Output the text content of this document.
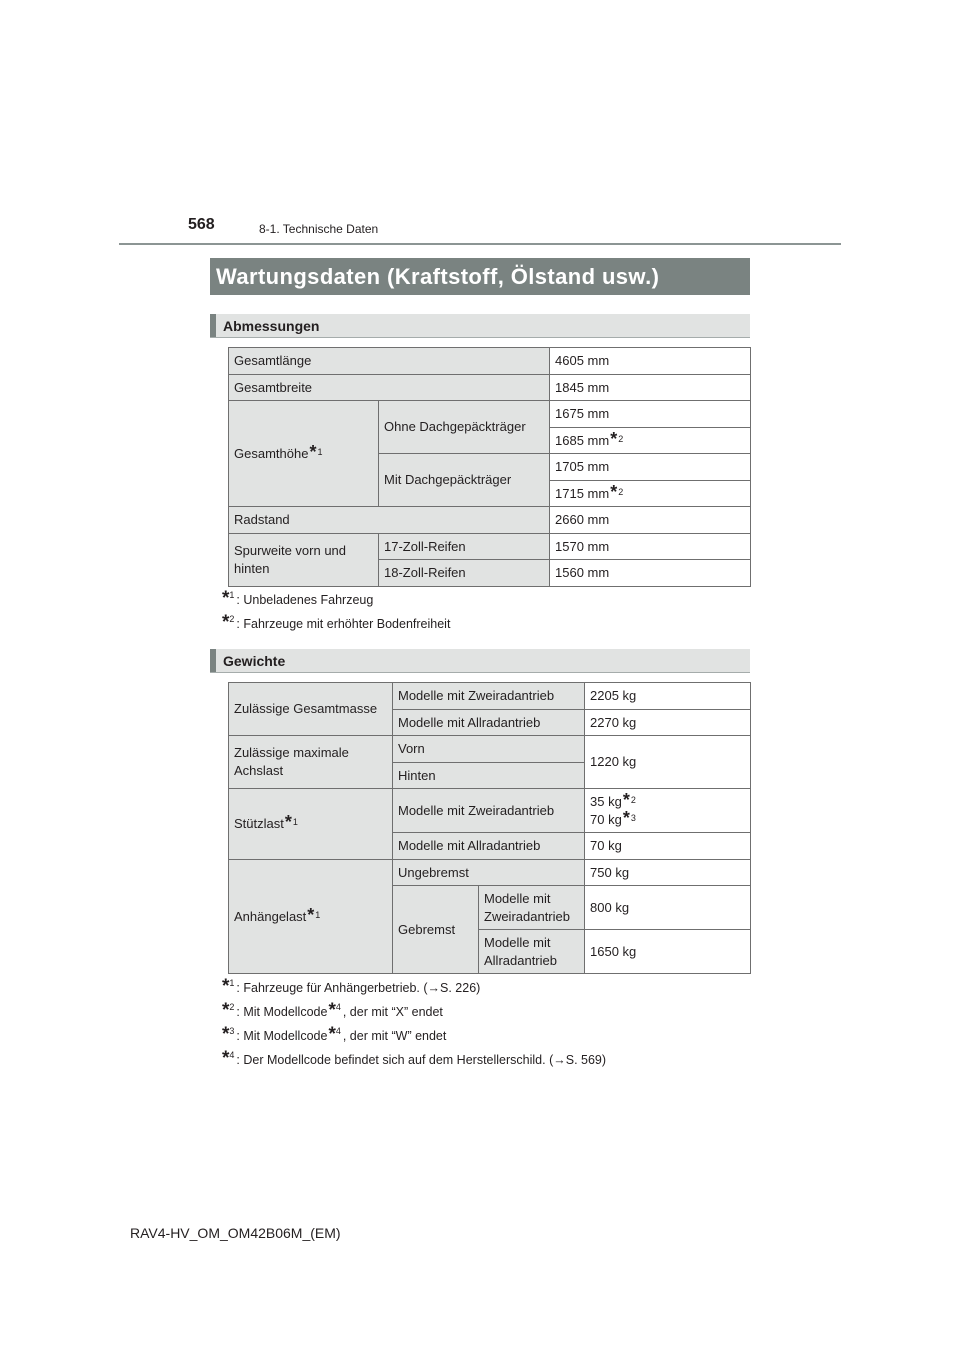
568	8-1. Technische Daten
Wartungsdaten (Kraftstoff, Ölstand usw.)
Abmessungen
Gesamtlänge		4605 mm
Gesamtbreite		1845 mm
Gesamthöhe*$^1$	Ohne Dachgepäckträger	1675 mm
		1685 mm*$^2$
	Mit Dachgepäckträger	1705 mm
		1715 mm*$^2$
Radstand		2660 mm
Spurweite vorn und hinten	17-Zoll-Reifen	1570 mm
	18-Zoll-Reifen	1560 mm
*$^1$ : Unbeladenes Fahrzeug
*$^2$ : Fahrzeuge mit erhöhter Bodenfreiheit
Gewichte
Zulässige Gesamtmasse	Modelle mit Zweiradantrieb		2205 kg
	Modelle mit Allradantrieb		2270 kg
Zulässige maximale Achslast	Vorn		1220 kg
	Hinten		
Stützlast*$^1$	Modelle mit Zweiradantrieb		35 kg*$^2$
70 kg*$^3$

	Modelle mit Allradantrieb		70 kg
Anhängelast*$^1$	Ungebremst		750 kg
	Gebremst	Modelle mit Zweiradantrieb	800 kg
		Modelle mit Allradantrieb	1650 kg
*$^1$ : Fahrzeuge für Anhängerbetrieb. (→S. 226)
*$^2$ : Mit Modellcode*$^4$ , der mit “X” endet
*$^3$ : Mit Modellcode*$^4$ , der mit “W” endet
*$^4$ : Der Modellcode befindet sich auf dem Herstellerschild. (→S. 569)
RAV4-HV_OM_OM42B06M_(EM)
